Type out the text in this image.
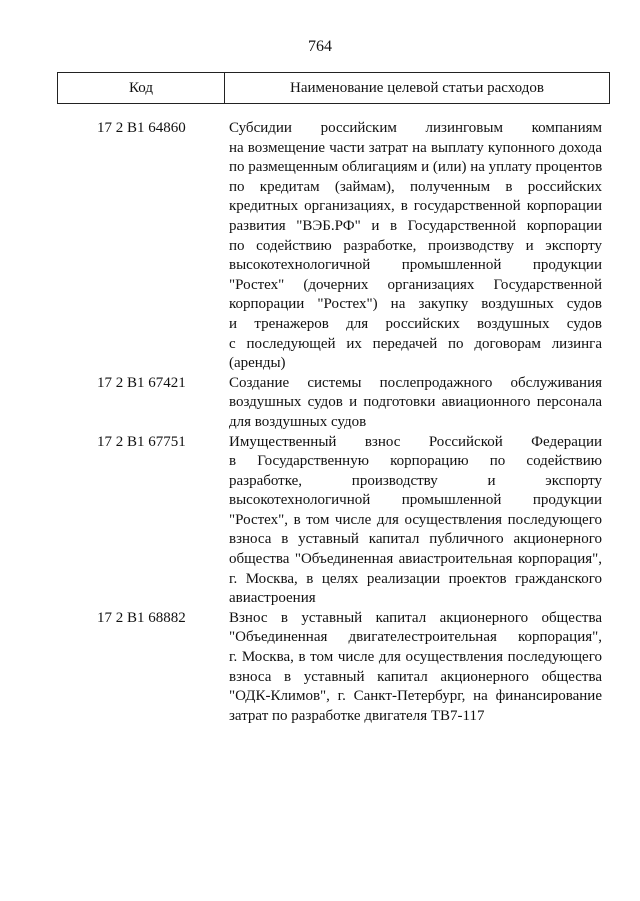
764
Код	Наименование целевой статьи расходов
17 2 B1 64860	Субсидии российским лизинговым компаниям
на возмещение части затрат на выплату купонного дохода
по размещенным облигациям и (или) на уплату процентов
по кредитам (займам), полученным в российских
кредитных организациях, в государственной корпорации
развития "ВЭБ.РФ" и в Государственной корпорации
по содействию разработке, производству и экспорту
высокотехнологичной промышленной продукции
"Ростех" (дочерних организациях Государственной
корпорации "Ростех") на закупку воздушных судов
и тренажеров для российских воздушных судов
с последующей их передачей по договорам лизинга
(аренды)
17 2 B1 67421	Создание системы послепродажного обслуживания
воздушных судов и подготовки авиационного персонала
для воздушных судов
17 2 B1 67751	Имущественный взнос Российской Федерации
в Государственную корпорацию по содействию
разработке, производству и экспорту
высокотехнологичной промышленной продукции
"Ростех", в том числе для осуществления последующего
взноса в уставный капитал публичного акционерного
общества "Объединенная авиастроительная корпорация",
г. Москва, в целях реализации проектов гражданского
авиастроения
17 2 B1 68882	Взнос в уставный капитал акционерного общества
"Объединенная двигателестроительная корпорация",
г. Москва, в том числе для осуществления последующего
взноса в уставный капитал акционерного общества
"ОДК-Климов", г. Санкт-Петербург, на финансирование
затрат по разработке двигателя ТВ7-117
